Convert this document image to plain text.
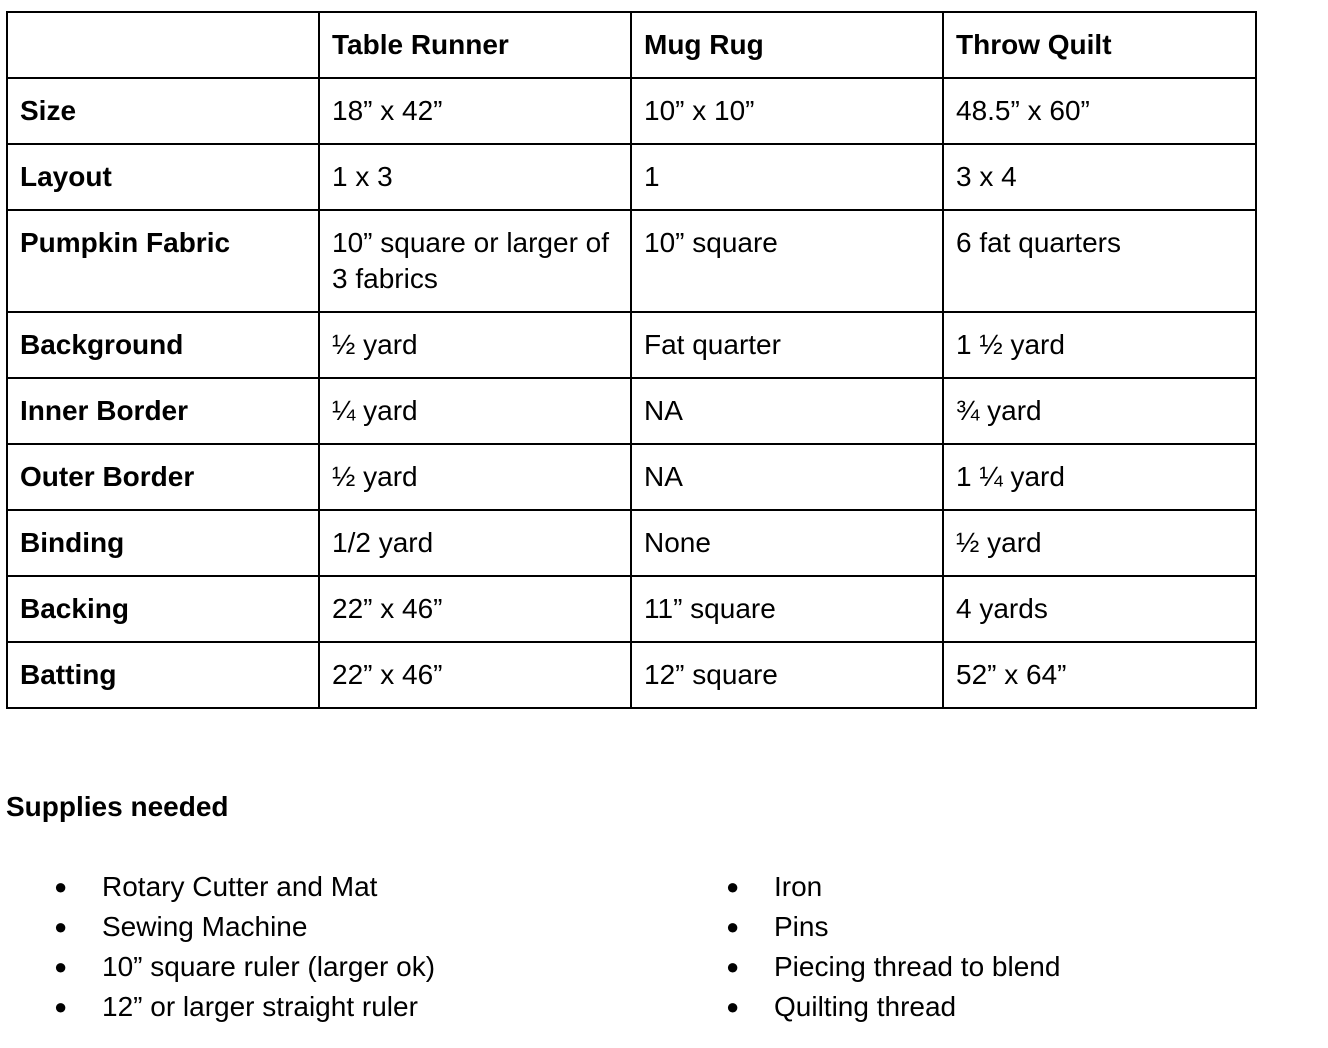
	Table Runner	Mug Rug	Throw Quilt
Size	18” x 42”	10” x 10”	48.5” x 60”
Layout	1 x 3	1	3 x 4
Pumpkin Fabric	10” square or larger of 3 fabrics	10” square	6 fat quarters
Background	½ yard	Fat quarter	1 ½ yard
Inner Border	¼ yard	NA	¾ yard
Outer Border	½ yard	NA	1 ¼ yard
Binding	1/2 yard	None	½ yard
Backing	22” x 46”	11” square	4 yards
Batting	22” x 46”	12” square	52” x 64”
Supplies needed
●	Rotary Cutter and Mat
●	Sewing Machine
●	10” square ruler (larger ok)
●	12” or larger straight ruler
●	Iron
●	Pins
●	Piecing thread to blend
●	Quilting thread
